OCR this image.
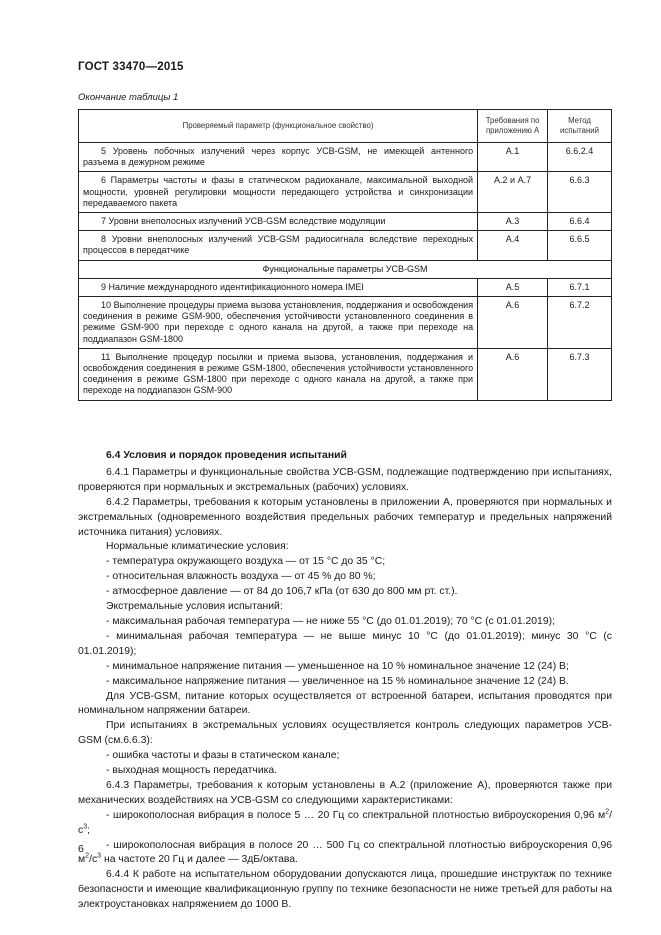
ГОСТ 33470—2015
Окончание таблицы 1
Проверяемый параметр (функциональное свойство)	Требования по приложению А	Метод испытаний
5 Уровень побочных излучений через корпус УСВ-GSM, не имеющей антенного разъема в дежурном режиме	А.1	6.6.2.4
6 Параметры частоты и фазы в статическом радиоканале, максимальной выходной мощности, уровней регулировки мощности передающего устройства и синхронизации передаваемого пакета	А.2 и А.7	6.6.3
7 Уровни внеполосных излучений УСВ-GSM вследствие модуляции	А.3	6.6.4
8 Уровни внеполосных излучений УСВ-GSM радиосигнала вследствие переходных процессов в передатчике	А.4	6.6.5
Функциональные параметры УСВ-GSM		
9 Наличие международного идентификационного номера IMEI	А.5	6.7.1
10 Выполнение процедуры приема вызова установления, поддержания и освобождения соединения в режиме GSM-900, обеспечения устойчивости установленного соединения в режиме GSM-900 при переходе с одного канала на другой, а также при переходе на поддиапазон GSM-1800	А.6	6.7.2
11 Выполнение процедур посылки и приема вызова, установления, поддержания и освобождения соединения в режиме GSM-1800, обеспечения устойчивости установленного соединения в режиме GSM-1800 при переходе с одного канала на другой, а также при переходе на поддиапазон GSM-900	А.6	6.7.3

6.4 Условия и порядок проведения испытаний

6.4.1 Параметры и функциональные свойства УСВ-GSM, подлежащие подтверждению при испытаниях, проверяются при нормальных и экстремальных (рабочих) условиях.

6.4.2 Параметры, требования к которым установлены в приложении А, проверяются при нормальных и экстремальных (одновременного воздействия предельных рабочих температур и предельных напряжений источника питания) условиях.

Нормальные климатические условия:

- температура окружающего воздуха — от 15 °С до 35 °С;

- относительная влажность воздуха — от 45 % до 80 %;

- атмосферное давление — от 84 до 106,7 кПа (от 630 до 800 мм рт. ст.).

Экстремальные условия испытаний:

- максимальная рабочая температура — не ниже 55 °С (до 01.01.2019); 70 °С (с 01.01.2019);

- минимальная рабочая температура — не выше минус 10 °С (до 01.01.2019); минус 30 °С (с 01.01.2019);

- минимальное напряжение питания — уменьшенное на 10 % номинальное значение 12 (24) В;

- максимальное напряжение питания — увеличенное на 15 % номинальное значение 12 (24) В.

Для УСВ-GSM, питание которых осуществляется от встроенной батареи, испытания проводятся при номинальном напряжении батареи.

При испытаниях в экстремальных условиях осуществляется контроль следующих параметров УСВ-GSM (см.6.6.3):

- ошибка частоты и фазы в статическом канале;

- выходная мощность передатчика.

6.4.3 Параметры, требования к которым установлены в А.2 (приложение А), проверяются также при механических воздействиях на УСВ-GSM со следующими характеристиками:

- широкополосная вибрация в полосе 5 … 20 Гц со спектральной плотностью виброускорения 0,96 $м^2/с^3$;

- широкополосная вибрация в полосе 20 … 500 Гц со спектральной плотностью виброускорения 0,96 $м^2/с^3$ на частоте 20 Гц и далее — 3дБ/октава.

6.4.4 К работе на испытательном оборудовании допускаются лица, прошедшие инструктаж по технике безопасности и имеющие квалификационную группу по технике безопасности не ниже третьей для работы на электроустановках напряжением до 1000 В.

6
